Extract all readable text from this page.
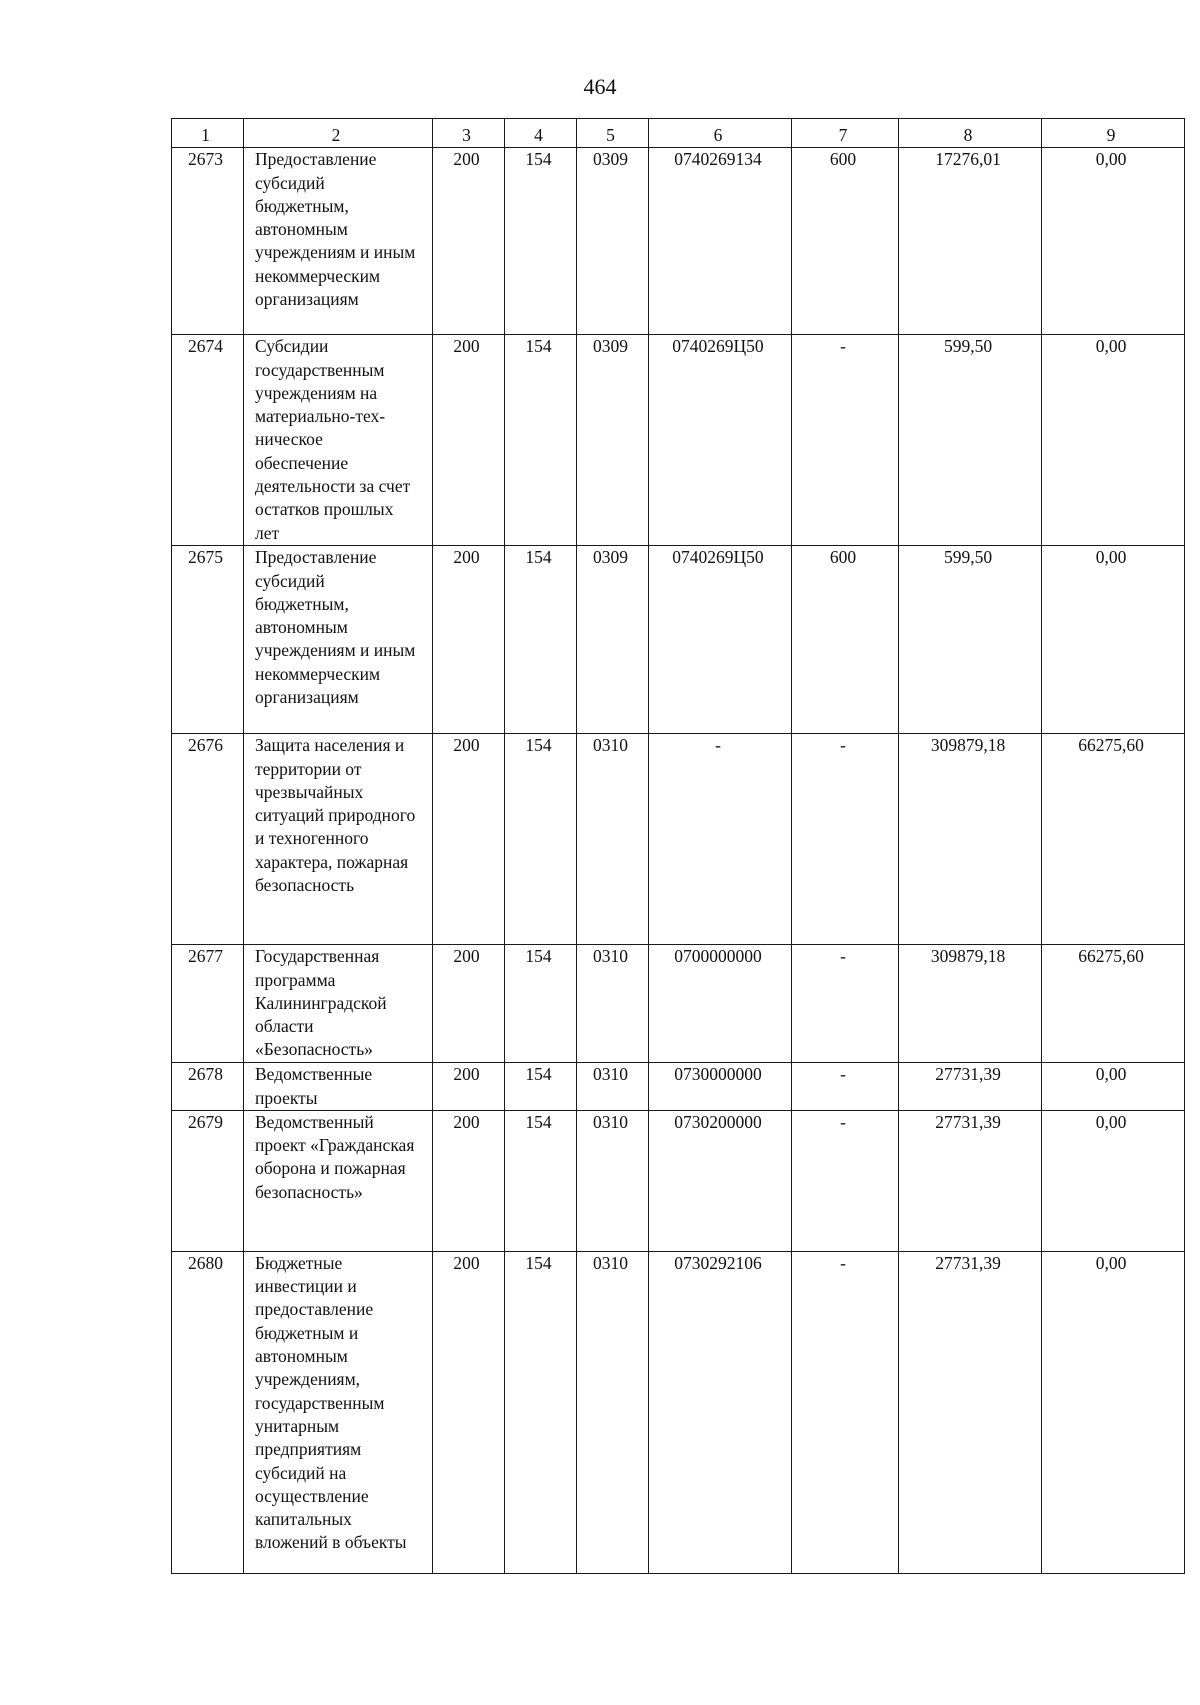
464
1	2	3	4	5	6	7	8	9
2673	Предоставление субсидий бюджетным, автономным учреждениям и иным некоммерческим организациям	200	154	0309	0740269134	600	17276,01	0,00
2674	Субсидии государственным учреждениям на материально-тех-ническое обеспечение деятельности за счет остатков прошлых лет	200	154	0309	0740269Ц50	-	599,50	0,00
2675	Предоставление субсидий бюджетным, автономным учреждениям и иным некоммерческим организациям	200	154	0309	0740269Ц50	600	599,50	0,00
2676	Защита населения и территории от чрезвычайных ситуаций природного и техногенного характера, пожарная безопасность	200	154	0310	-	-	309879,18	66275,60
2677	Государственная программа Калининградской области «Безопасность»	200	154	0310	0700000000	-	309879,18	66275,60
2678	Ведомственные проекты	200	154	0310	0730000000	-	27731,39	0,00
2679	Ведомственный проект «Гражданская оборона и пожарная безопасность»	200	154	0310	0730200000	-	27731,39	0,00
2680	Бюджетные инвестиции и предоставление бюджетным и автономным учреждениям, государственным унитарным предприятиям субсидий на осуществление капитальных вложений в объекты	200	154	0310	0730292106	-	27731,39	0,00
